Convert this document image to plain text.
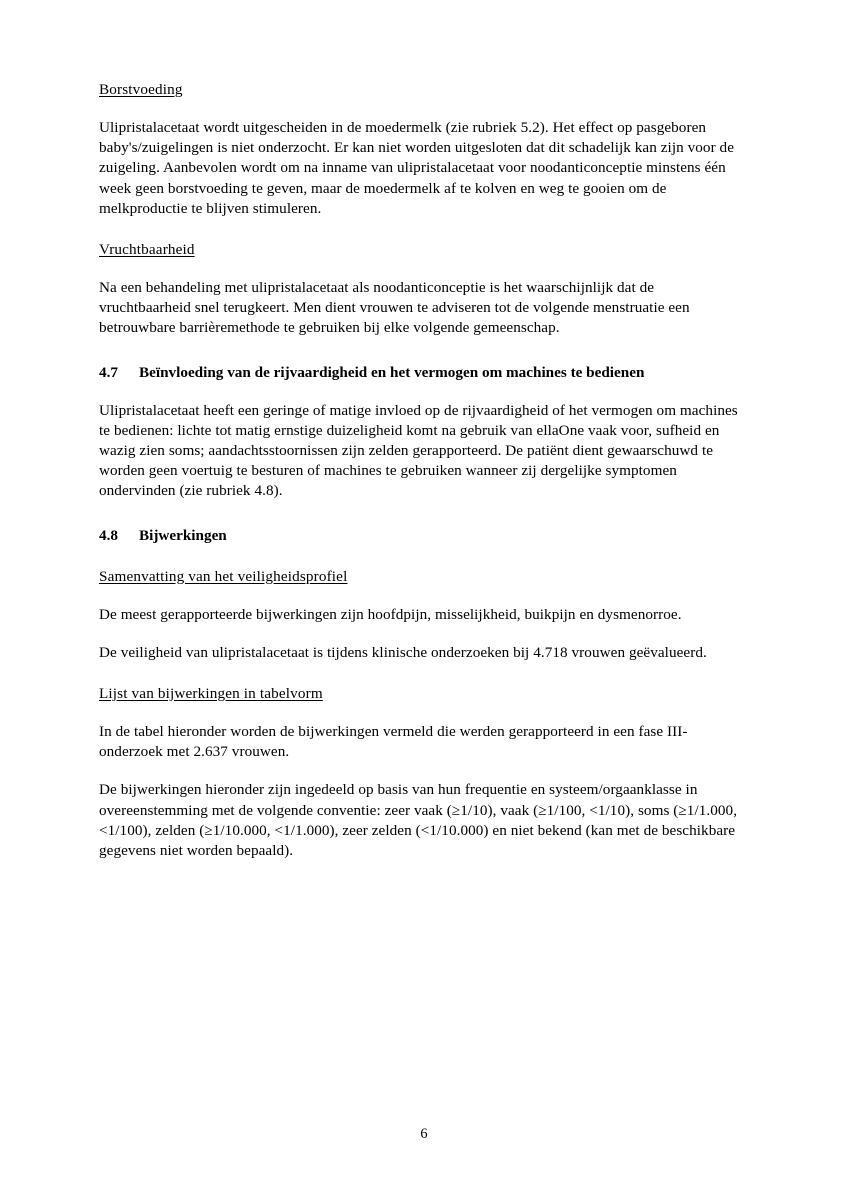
Borstvoeding

Ulipristalacetaat wordt uitgescheiden in de moedermelk (zie rubriek 5.2). Het effect op pasgeboren baby's/zuigelingen is niet onderzocht. Er kan niet worden uitgesloten dat dit schadelijk kan zijn voor de zuigeling. Aanbevolen wordt om na inname van ulipristalacetaat voor noodanticonceptie minstens één week geen borstvoeding te geven, maar de moedermelk af te kolven en weg te gooien om de melkproductie te blijven stimuleren.

Vruchtbaarheid

Na een behandeling met ulipristalacetaat als noodanticonceptie is het waarschijnlijk dat de vruchtbaarheid snel terugkeert. Men dient vrouwen te adviseren tot de volgende menstruatie een betrouwbare barrièremethode te gebruiken bij elke volgende gemeenschap.

4.7	Beïnvloeding van de rijvaardigheid en het vermogen om machines te bedienen

Ulipristalacetaat heeft een geringe of matige invloed op de rijvaardigheid of het vermogen om machines te bedienen: lichte tot matig ernstige duizeligheid komt na gebruik van ellaOne vaak voor, sufheid en wazig zien soms; aandachtsstoornissen zijn zelden gerapporteerd. De patiënt dient gewaarschuwd te worden geen voertuig te besturen of machines te gebruiken wanneer zij dergelijke symptomen ondervinden (zie rubriek 4.8).

4.8	Bijwerkingen

Samenvatting van het veiligheidsprofiel

De meest gerapporteerde bijwerkingen zijn hoofdpijn, misselijkheid, buikpijn en dysmenorroe.

De veiligheid van ulipristalacetaat is tijdens klinische onderzoeken bij 4.718 vrouwen geëvalueerd.

Lijst van bijwerkingen in tabelvorm

In de tabel hieronder worden de bijwerkingen vermeld die werden gerapporteerd in een fase III-onderzoek met 2.637 vrouwen.

De bijwerkingen hieronder zijn ingedeeld op basis van hun frequentie en systeem/orgaanklasse in overeenstemming met de volgende conventie: zeer vaak (≥1/10), vaak (≥1/100, <1/10), soms (≥1/1.000, <1/100), zelden (≥1/10.000, <1/1.000), zeer zelden (<1/10.000) en niet bekend (kan met de beschikbare gegevens niet worden bepaald).

6
